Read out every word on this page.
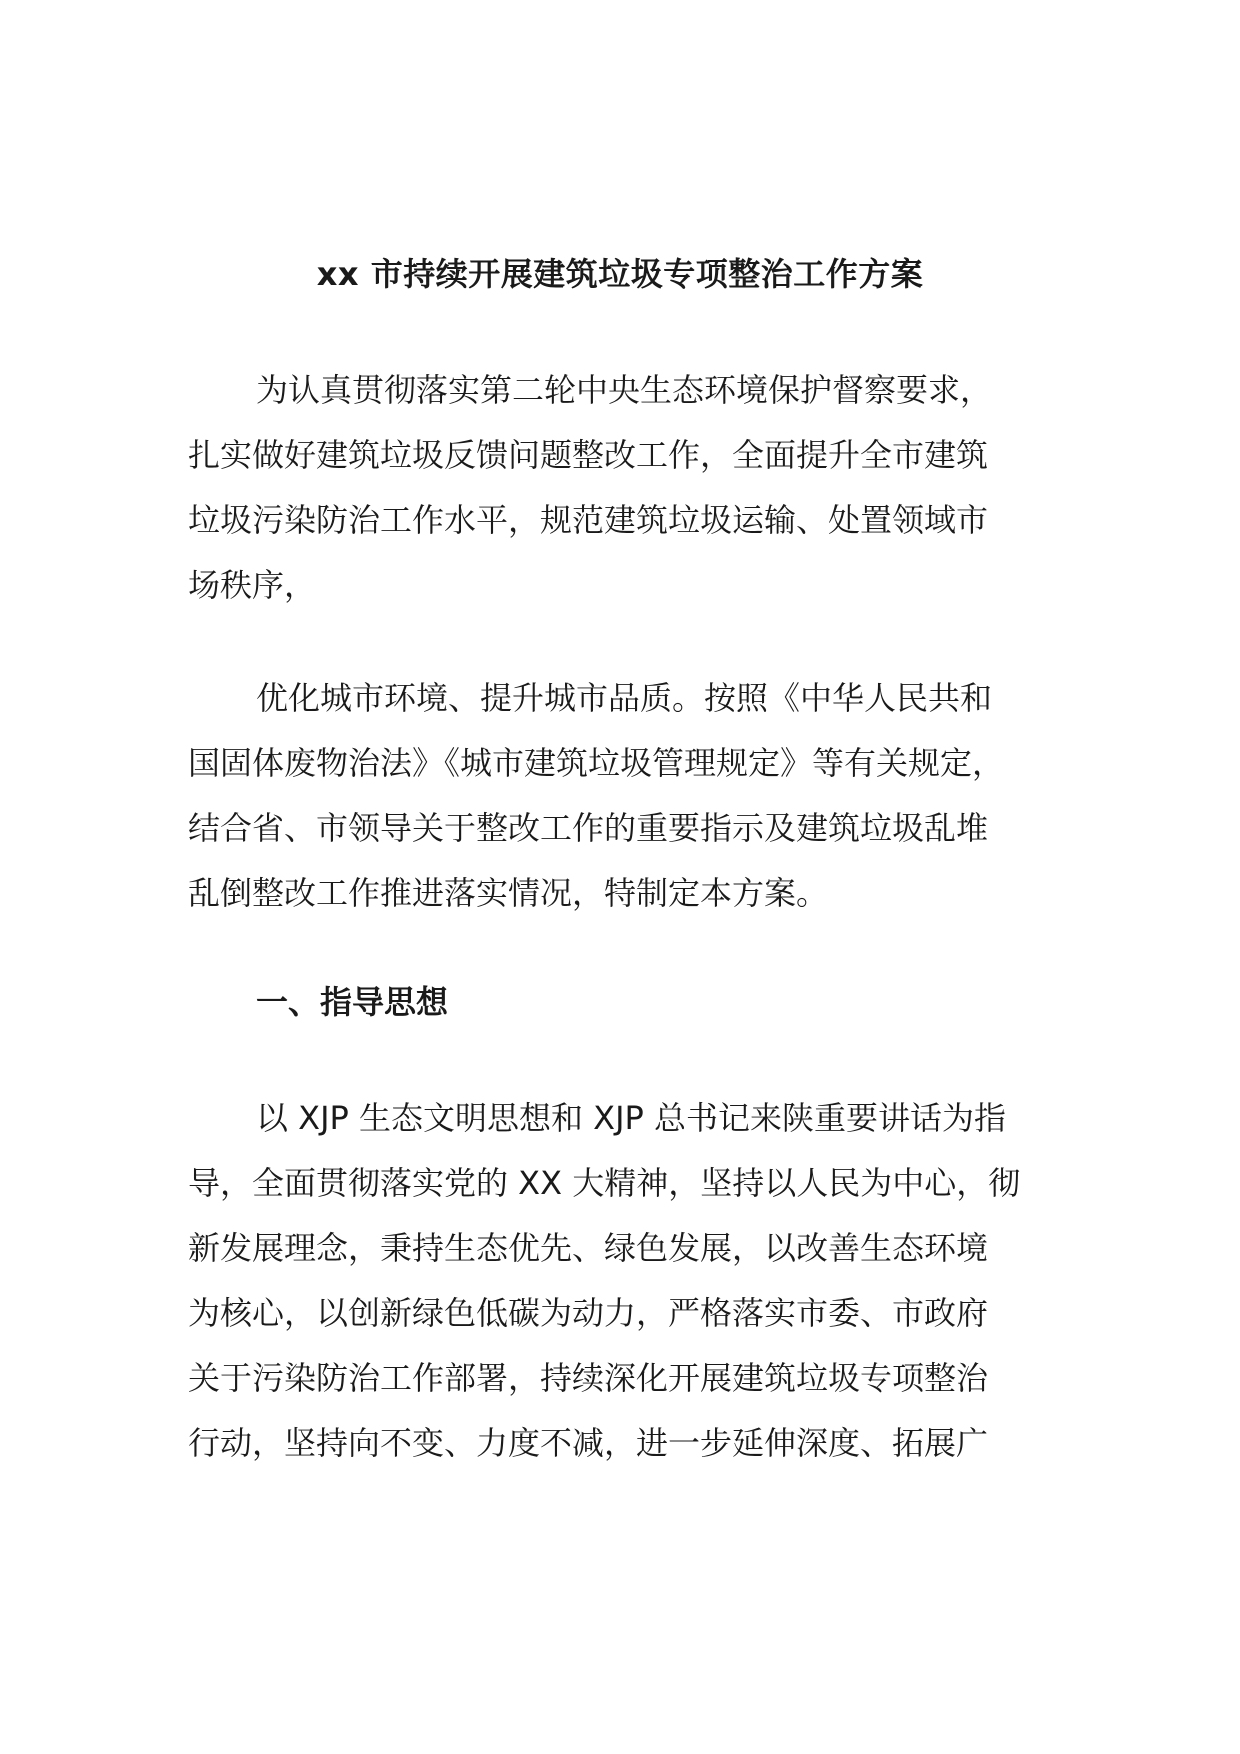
xx 市持续开展建筑垃圾专项整治工作方案

为认真贯彻落实第二轮中央生态环境保护督察要求，
扎实做好建筑垃圾反馈问题整改工作，全面提升全市建筑
垃圾污染防治工作水平，规范建筑垃圾运输、处置领域市
场秩序，

优化城市环境、提升城市品质。按照《中华人民共和
国固体废物治法》《城市建筑垃圾管理规定》等有关规定，
结合省、市领导关于整改工作的重要指示及建筑垃圾乱堆
乱倒整改工作推进落实情况，特制定本方案。

一、指导思想

以 XJP 生态文明思想和 XJP 总书记来陕重要讲话为指
导，全面贯彻落实党的 XX 大精神，坚持以人民为中心，彻
新发展理念，秉持生态优先、绿色发展，以改善生态环境
为核心，以创新绿色低碳为动力，严格落实市委、市政府
关于污染防治工作部署，持续深化开展建筑垃圾专项整治
行动，坚持向不变、力度不减，进一步延伸深度、拓展广
